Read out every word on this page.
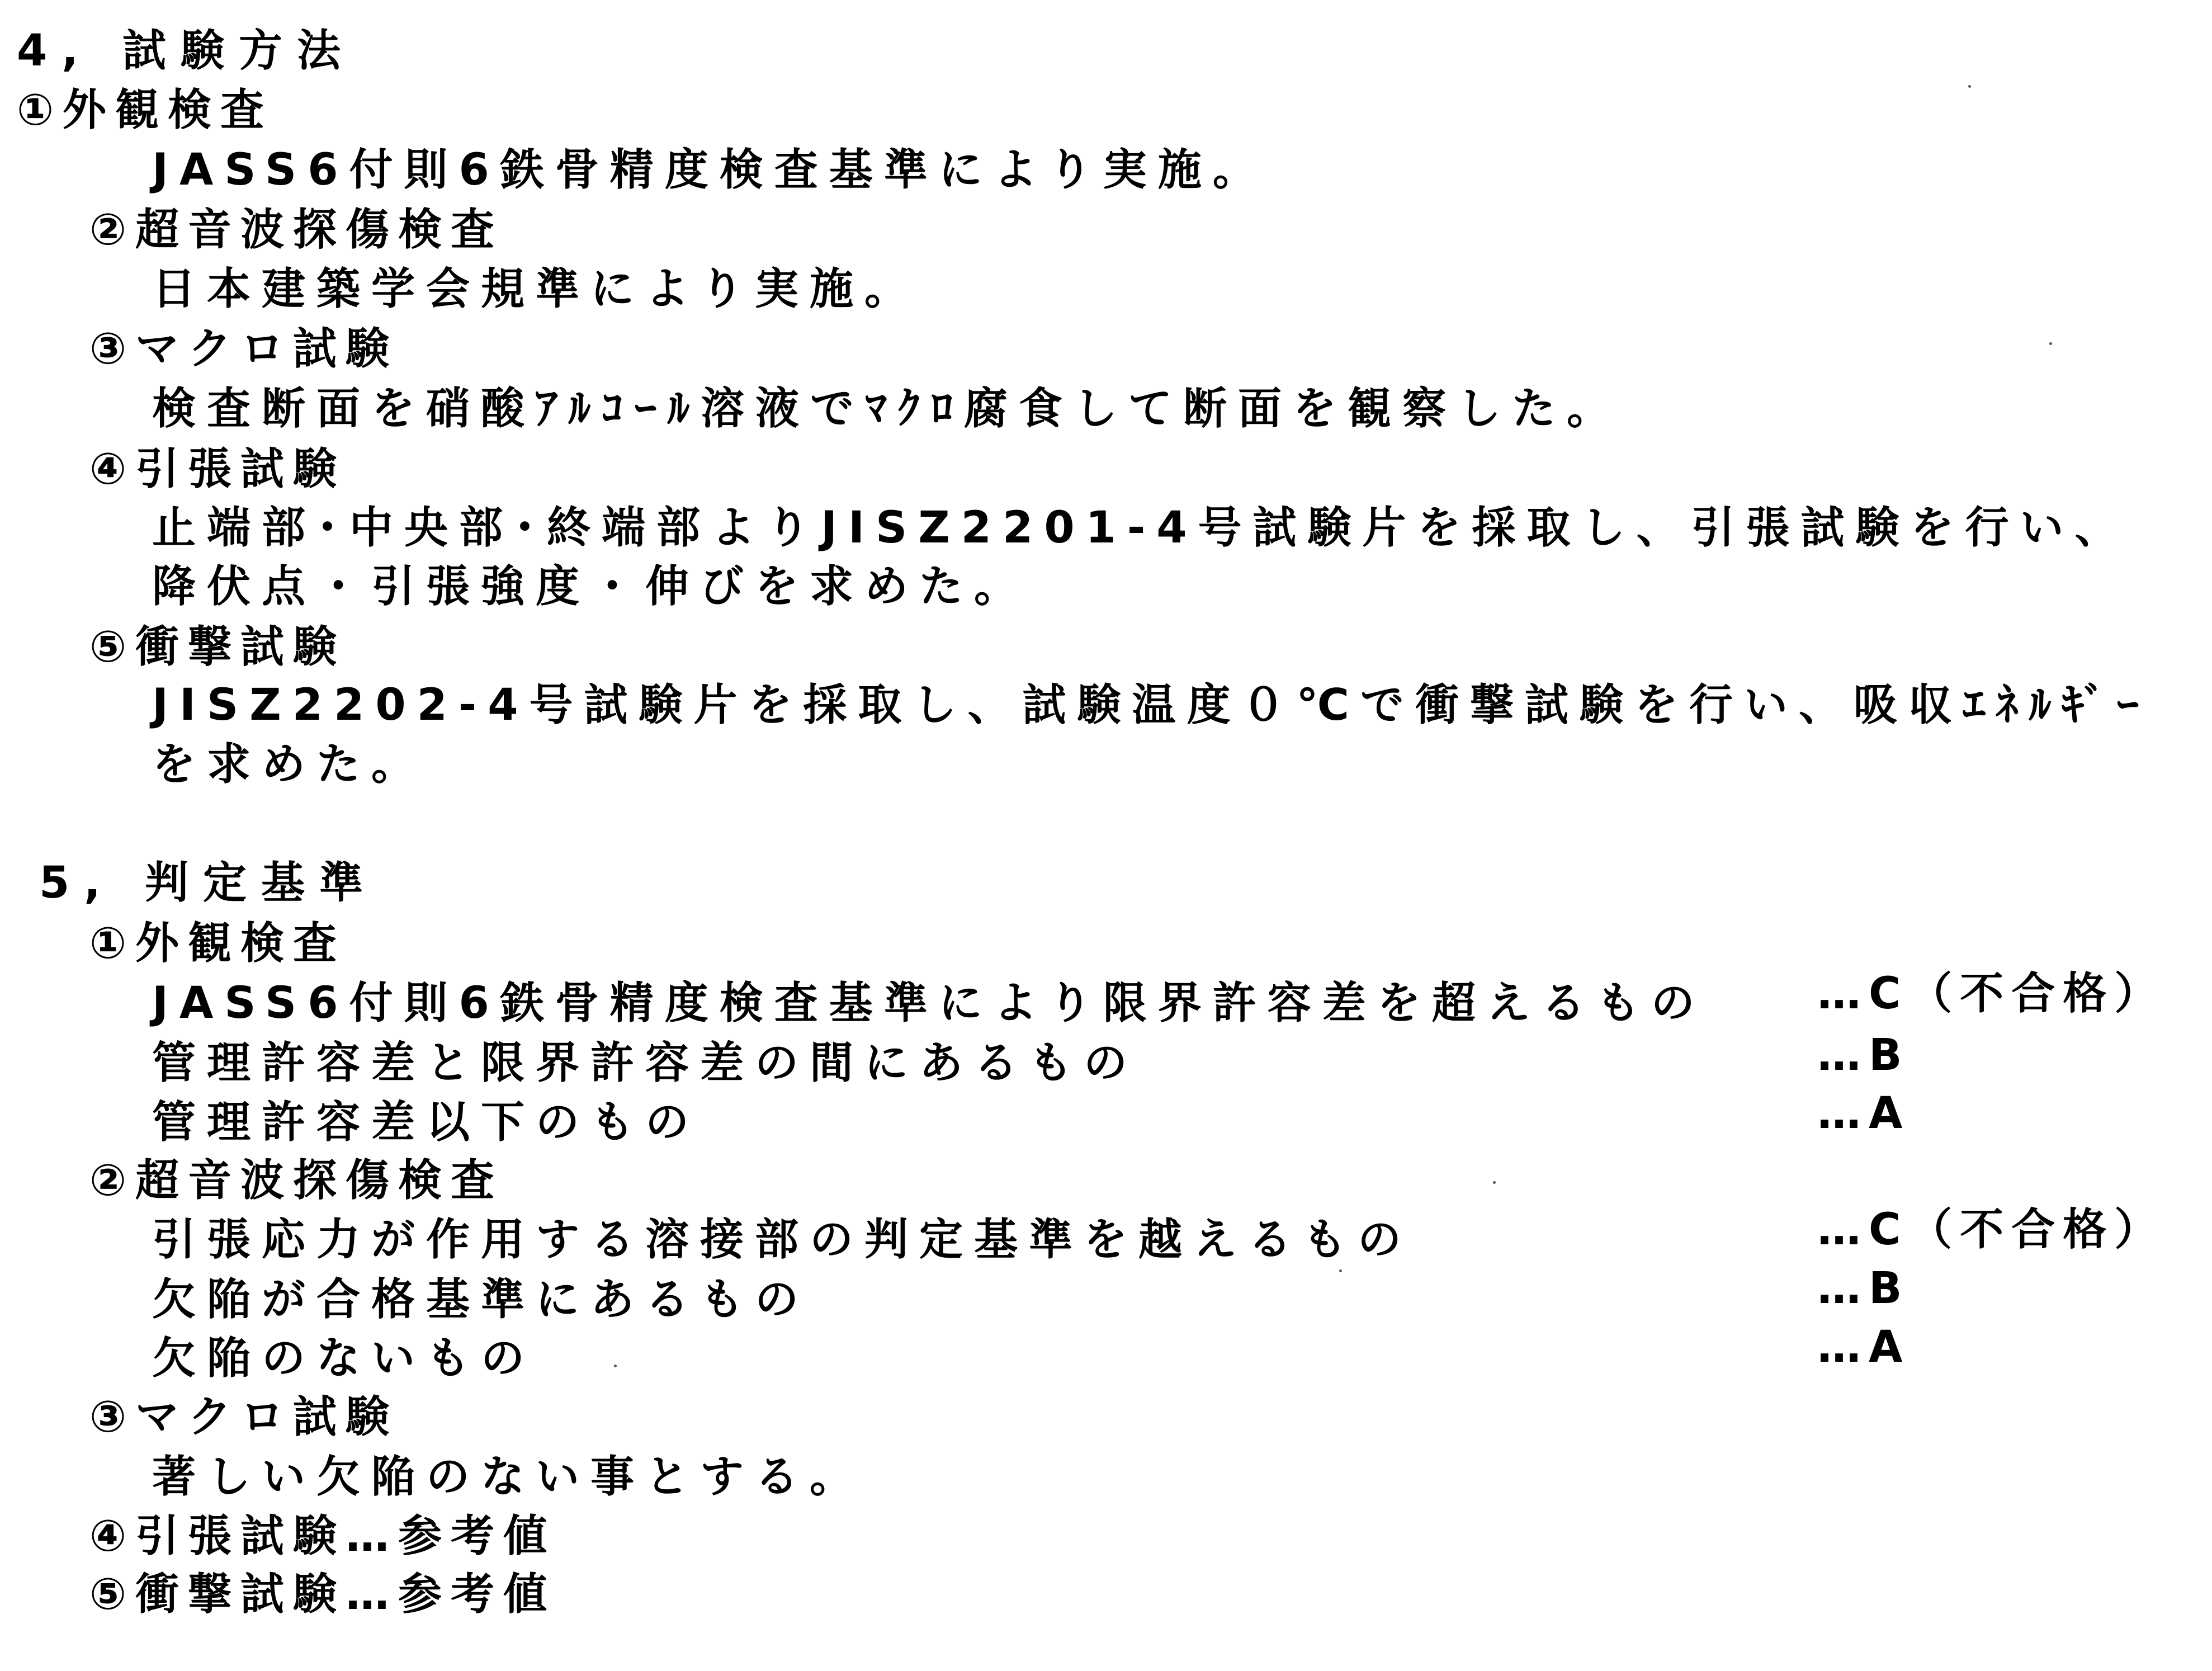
4, 試験方法
①外観検査
JASS6付則6鉄骨精度検査基準により実施。
②超音波探傷検査
日本建築学会規準により実施。
③マクロ試験
検査断面を硝酸ｱﾙｺｰﾙ溶液でﾏｸﾛ腐食して断面を観察した。
④引張試験
止端部･中央部･終端部よりJISZ2201-4号試験片を採取し、引張試験を行い、
降伏点・引張強度・伸びを求めた。
⑤衝撃試験
JISZ2202-4号試験片を採取し、試験温度０℃で衝撃試験を行い、吸収ｴﾈﾙｷﾞｰ
を求めた。
5, 判定基準
①外観検査
JASS6付則6鉄骨精度検査基準により限界許容差を超えるもの	…C（不合格）
管理許容差と限界許容差の間にあるもの	…B
管理許容差以下のもの	…A
②超音波探傷検査
引張応力が作用する溶接部の判定基準を越えるもの	…C（不合格）
欠陥が合格基準にあるもの	…B
欠陥のないもの	…A
③マクロ試験
著しい欠陥のない事とする。
④引張試験…参考値
⑤衝撃試験…参考値
